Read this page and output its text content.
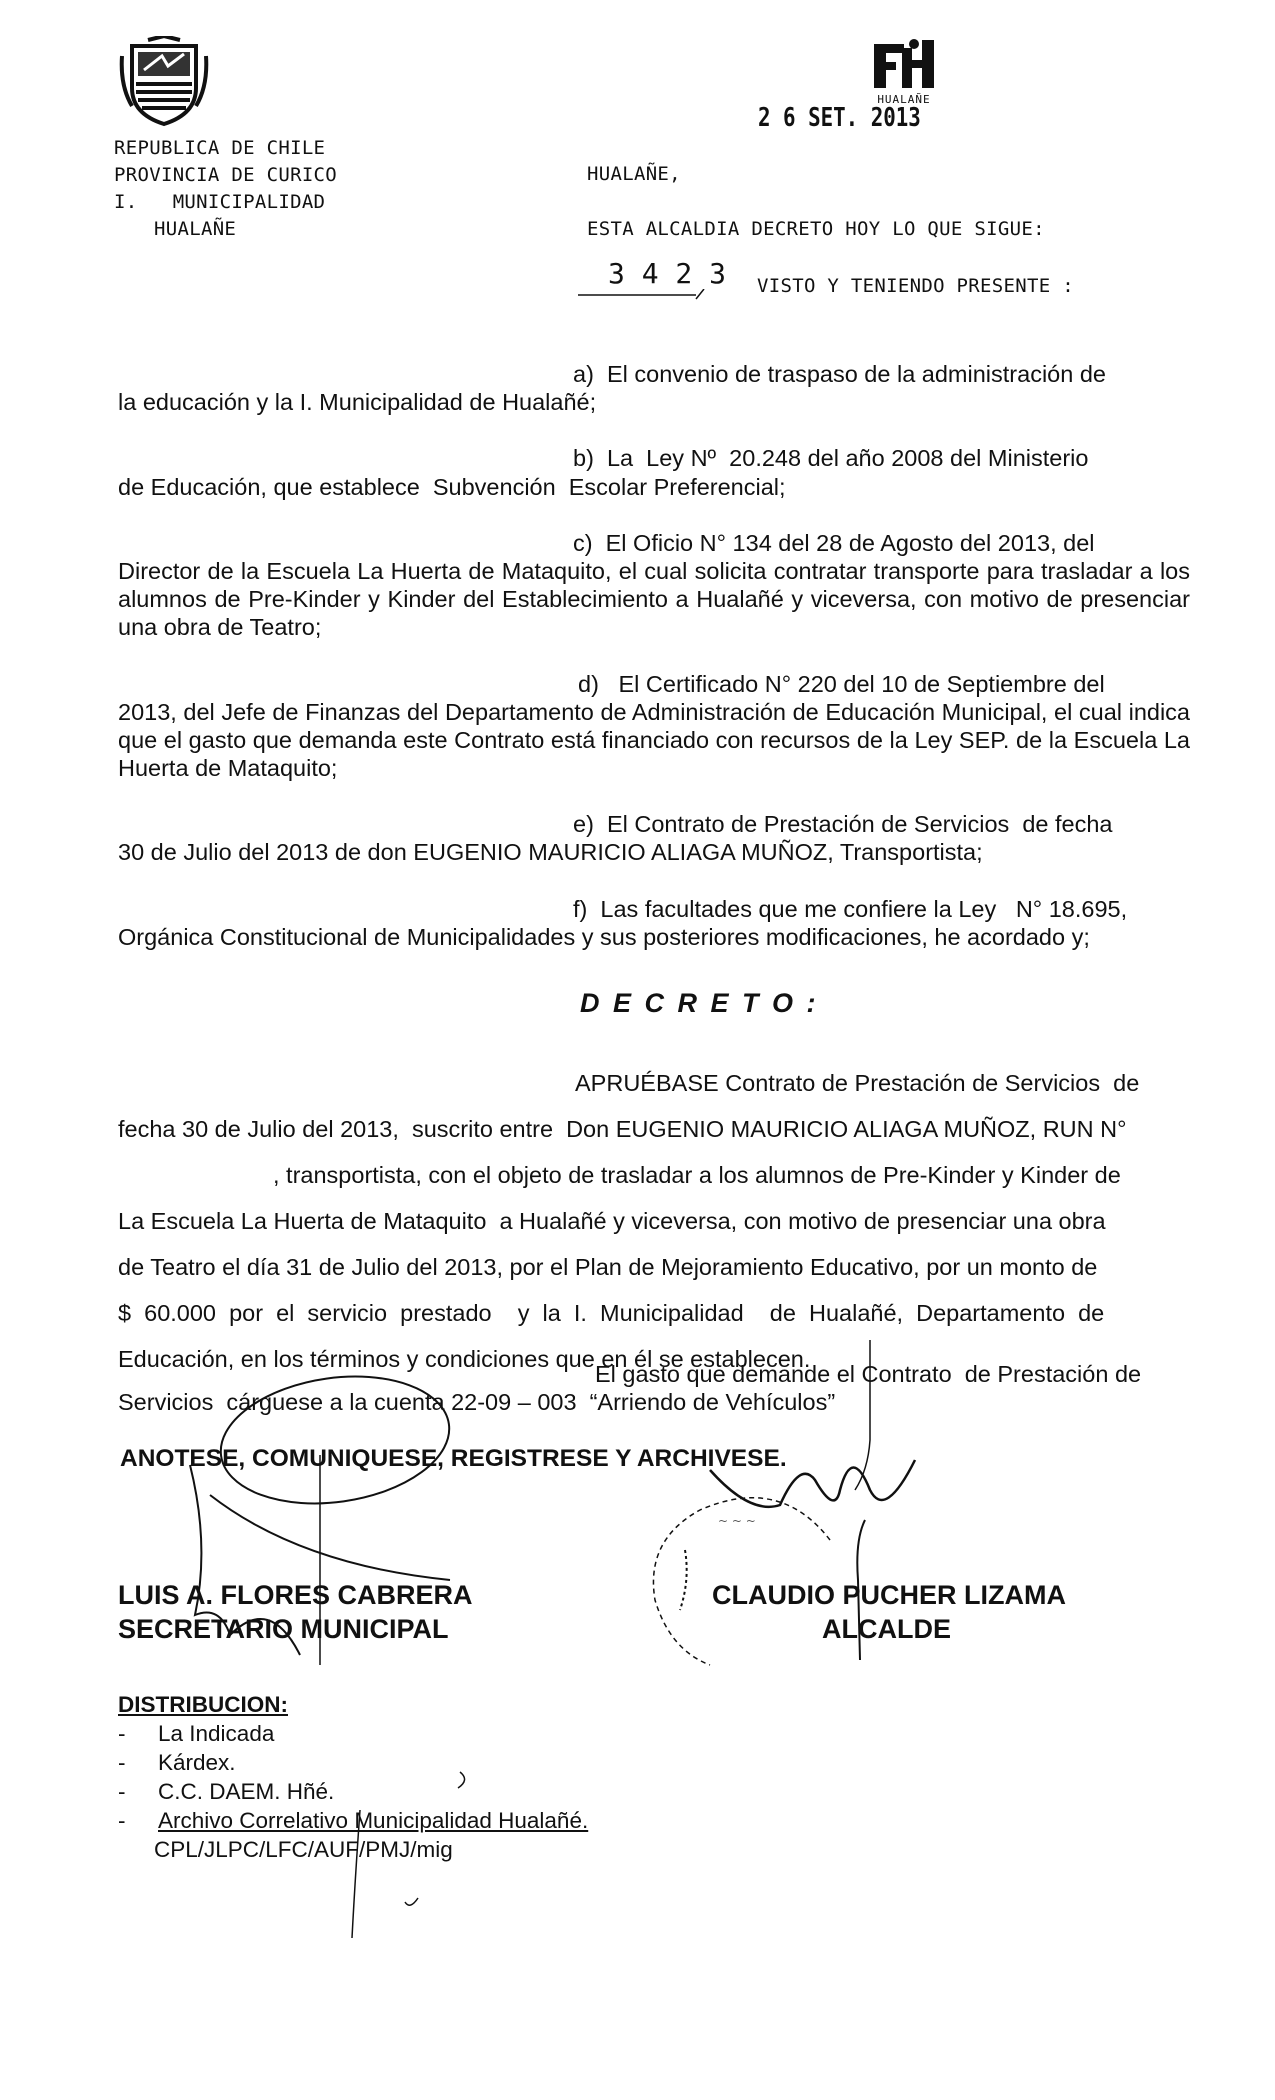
REPUBLICA DE CHILE
PROVINCIA DE CURICO
I.   MUNICIPALIDAD
HUALAÑE
HUALAÑE
2 6 SET. 2013
HUALAÑE,
ESTA ALCALDIA DECRETO HOY LO QUE SIGUE:
3 4 2 3 VISTO Y TENIENDO PRESENTE :
a)  El convenio de traspaso de la administración de
la educación y la I. Municipalidad de Hualañé;
b)  La  Ley Nº  20.248 del año 2008 del Ministerio
de Educación, que establece  Subvención  Escolar Preferencial;
c)  El Oficio N° 134 del 28 de Agosto del 2013, del
Director de la Escuela La Huerta de Mataquito, el cual solicita contratar transporte para trasladar a los alumnos de Pre-Kinder y Kinder del Establecimiento a Hualañé y viceversa, con motivo de presenciar una obra de Teatro;
d)   El Certificado N° 220 del 10 de Septiembre del
2013, del Jefe de Finanzas del Departamento de Administración de Educación Municipal, el cual indica que el gasto que demanda este Contrato está financiado con recursos de la Ley SEP. de la Escuela La Huerta de Mataquito;
e)  El Contrato de Prestación de Servicios  de fecha
30 de Julio del 2013 de don EUGENIO MAURICIO ALIAGA MUÑOZ, Transportista;
f)  Las facultades que me confiere la Ley   N° 18.695,
Orgánica Constitucional de Municipalidades y sus posteriores modificaciones, he acordado y;
D E C R E T O :
APRUÉBASE Contrato de Prestación de Servicios  de
fecha 30 de Julio del 2013,  suscrito entre  Don EUGENIO MAURICIO ALIAGA MUÑOZ, RUN N°
, transportista, con el objeto de trasladar a los alumnos de Pre-Kinder y Kinder de
La Escuela La Huerta de Mataquito  a Hualañé y viceversa, con motivo de presenciar una obra
de Teatro el día 31 de Julio del 2013, por el Plan de Mejoramiento Educativo, por un monto de
$  60.000  por  el  servicio  prestado    y  la  I.  Municipalidad    de  Hualañé,  Departamento  de
Educación, en los términos y condiciones que en él se establecen.
El gasto que demande el Contrato  de Prestación de
Servicios  cárguese a la cuenta 22-09 – 003  “Arriendo de Vehículos”
ANOTESE, COMUNIQUESE, REGISTRESE Y ARCHIVESE.
LUIS A. FLORES CABRERA
SECRETARIO MUNICIPAL
CLAUDIO PUCHER LIZAMA
ALCALDE
~ ~ ~
DISTRIBUCION:
- La Indicada
- Kárdex.
- C.C. DAEM. Hñé.
- Archivo Correlativo Municipalidad Hualañé.
CPL/JLPC/LFC/AUF/PMJ/mig
